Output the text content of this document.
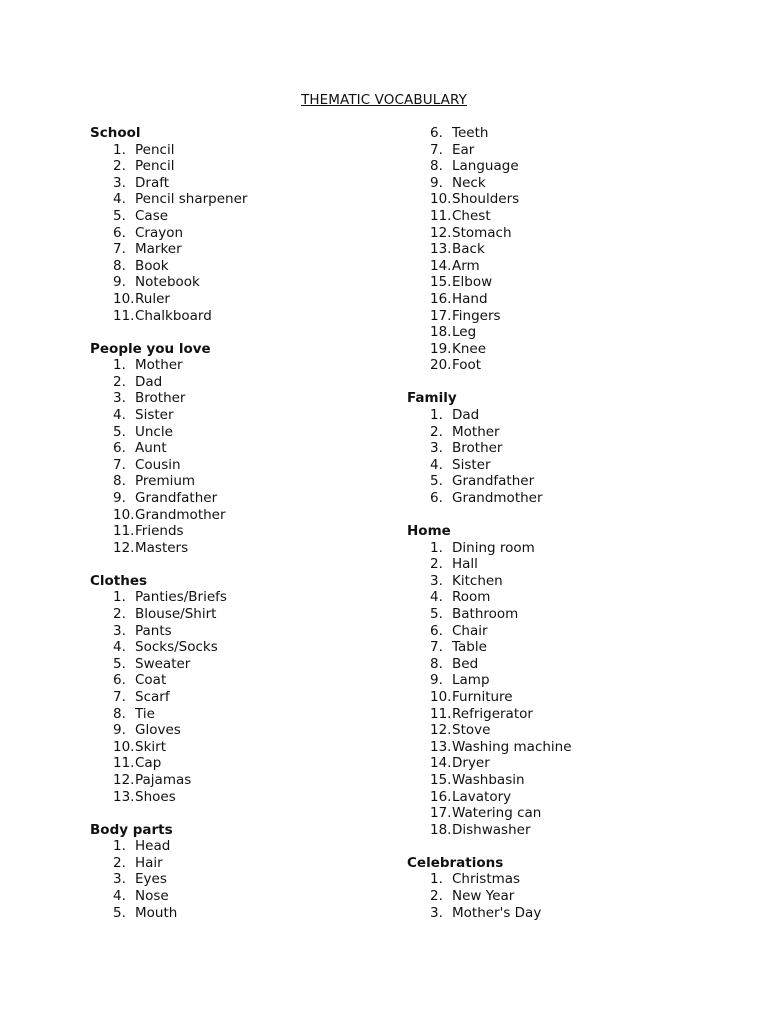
THEMATIC VOCABULARY
School
1. Pencil
2. Pencil
3. Draft
4. Pencil sharpener
5. Case
6. Crayon
7. Marker
8. Book
9. Notebook
10. Ruler
11. Chalkboard
People you love
1. Mother
2. Dad
3. Brother
4. Sister
5. Uncle
6. Aunt
7. Cousin
8. Premium
9. Grandfather
10. Grandmother
11. Friends
12. Masters
Clothes
1. Panties/Briefs
2. Blouse/Shirt
3. Pants
4. Socks/Socks
5. Sweater
6. Coat
7. Scarf
8. Tie
9. Gloves
10. Skirt
11. Cap
12. Pajamas
13. Shoes
Body parts
1. Head
2. Hair
3. Eyes
4. Nose
5. Mouth
6. Teeth
7. Ear
8. Language
9. Neck
10. Shoulders
11. Chest
12. Stomach
13. Back
14. Arm
15. Elbow
16. Hand
17. Fingers
18. Leg
19. Knee
20. Foot
Family
1. Dad
2. Mother
3. Brother
4. Sister
5. Grandfather
6. Grandmother
Home
1. Dining room
2. Hall
3. Kitchen
4. Room
5. Bathroom
6. Chair
7. Table
8. Bed
9. Lamp
10. Furniture
11. Refrigerator
12. Stove
13. Washing machine
14. Dryer
15. Washbasin
16. Lavatory
17. Watering can
18. Dishwasher
Celebrations
1. Christmas
2. New Year
3. Mother's Day
